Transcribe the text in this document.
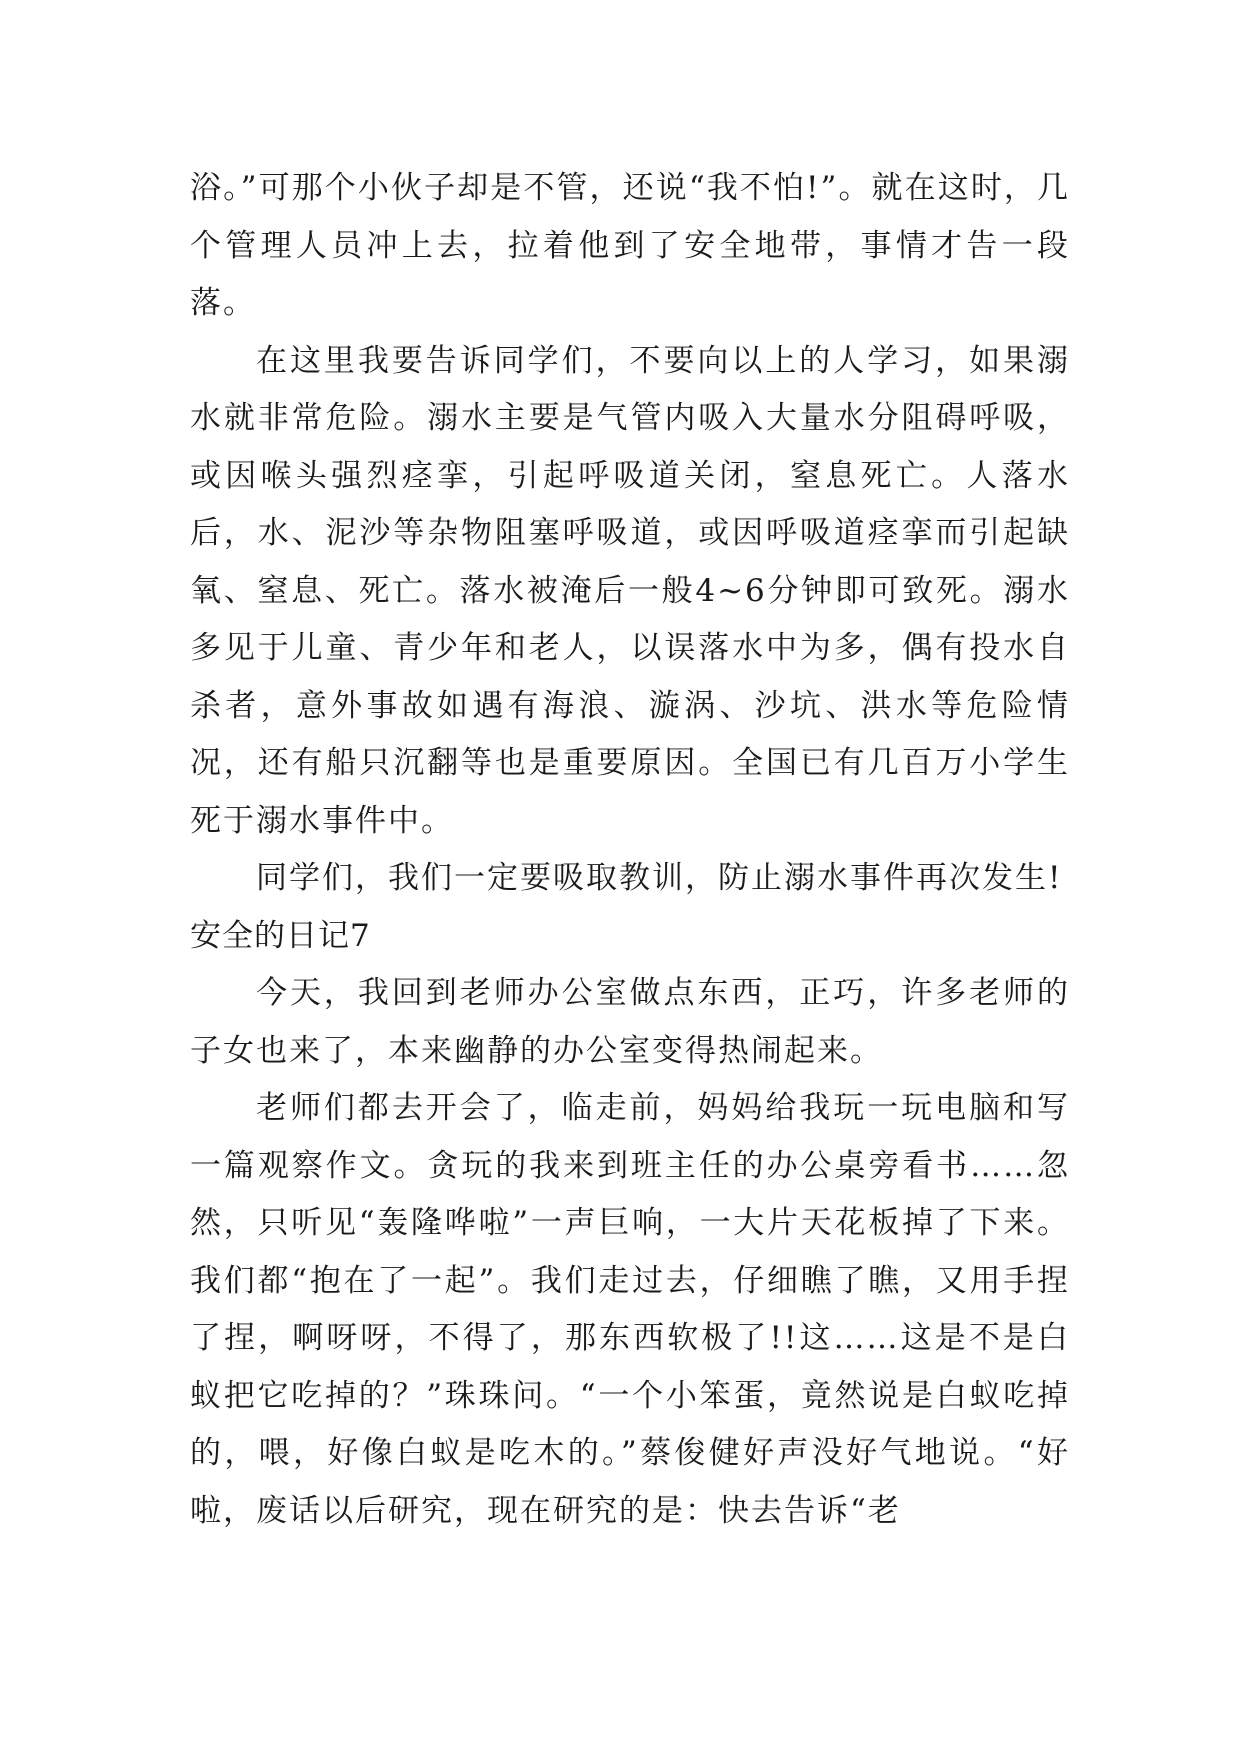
浴。”可那个小伙子却是不管，还说“我不怕!”。就在这时，几个管理人员冲上去，拉着他到了安全地带，事情才告一段落。

在这里我要告诉同学们，不要向以上的人学习，如果溺水就非常危险。溺水主要是气管内吸入大量水分阻碍呼吸，或因喉头强烈痉挛，引起呼吸道关闭，窒息死亡。人落水后，水、泥沙等杂物阻塞呼吸道，或因呼吸道痉挛而引起缺氧、窒息、死亡。落水被淹后一般4~6分钟即可致死。溺水多见于儿童、青少年和老人，以误落水中为多，偶有投水自杀者，意外事故如遇有海浪、漩涡、沙坑、洪水等危险情况，还有船只沉翻等也是重要原因。全国已有几百万小学生死于溺水事件中。

同学们，我们一定要吸取教训，防止溺水事件再次发生!

安全的日记7

今天，我回到老师办公室做点东西，正巧，许多老师的子女也来了，本来幽静的办公室变得热闹起来。

老师们都去开会了，临走前，妈妈给我玩一玩电脑和写一篇观察作文。贪玩的我来到班主任的办公桌旁看书……忽然，只听见“轰隆哗啦”一声巨响，一大片天花板掉了下来。我们都“抱在了一起”。我们走过去，仔细瞧了瞧，又用手捏了捏，啊呀呀，不得了，那东西软极了!!这……这是不是白蚁把它吃掉的？”珠珠问。“一个小笨蛋，竟然说是白蚁吃掉的，喂，好像白蚁是吃木的。”蔡俊健好声没好气地说。“好啦，废话以后研究，现在研究的是：快去告诉“老
